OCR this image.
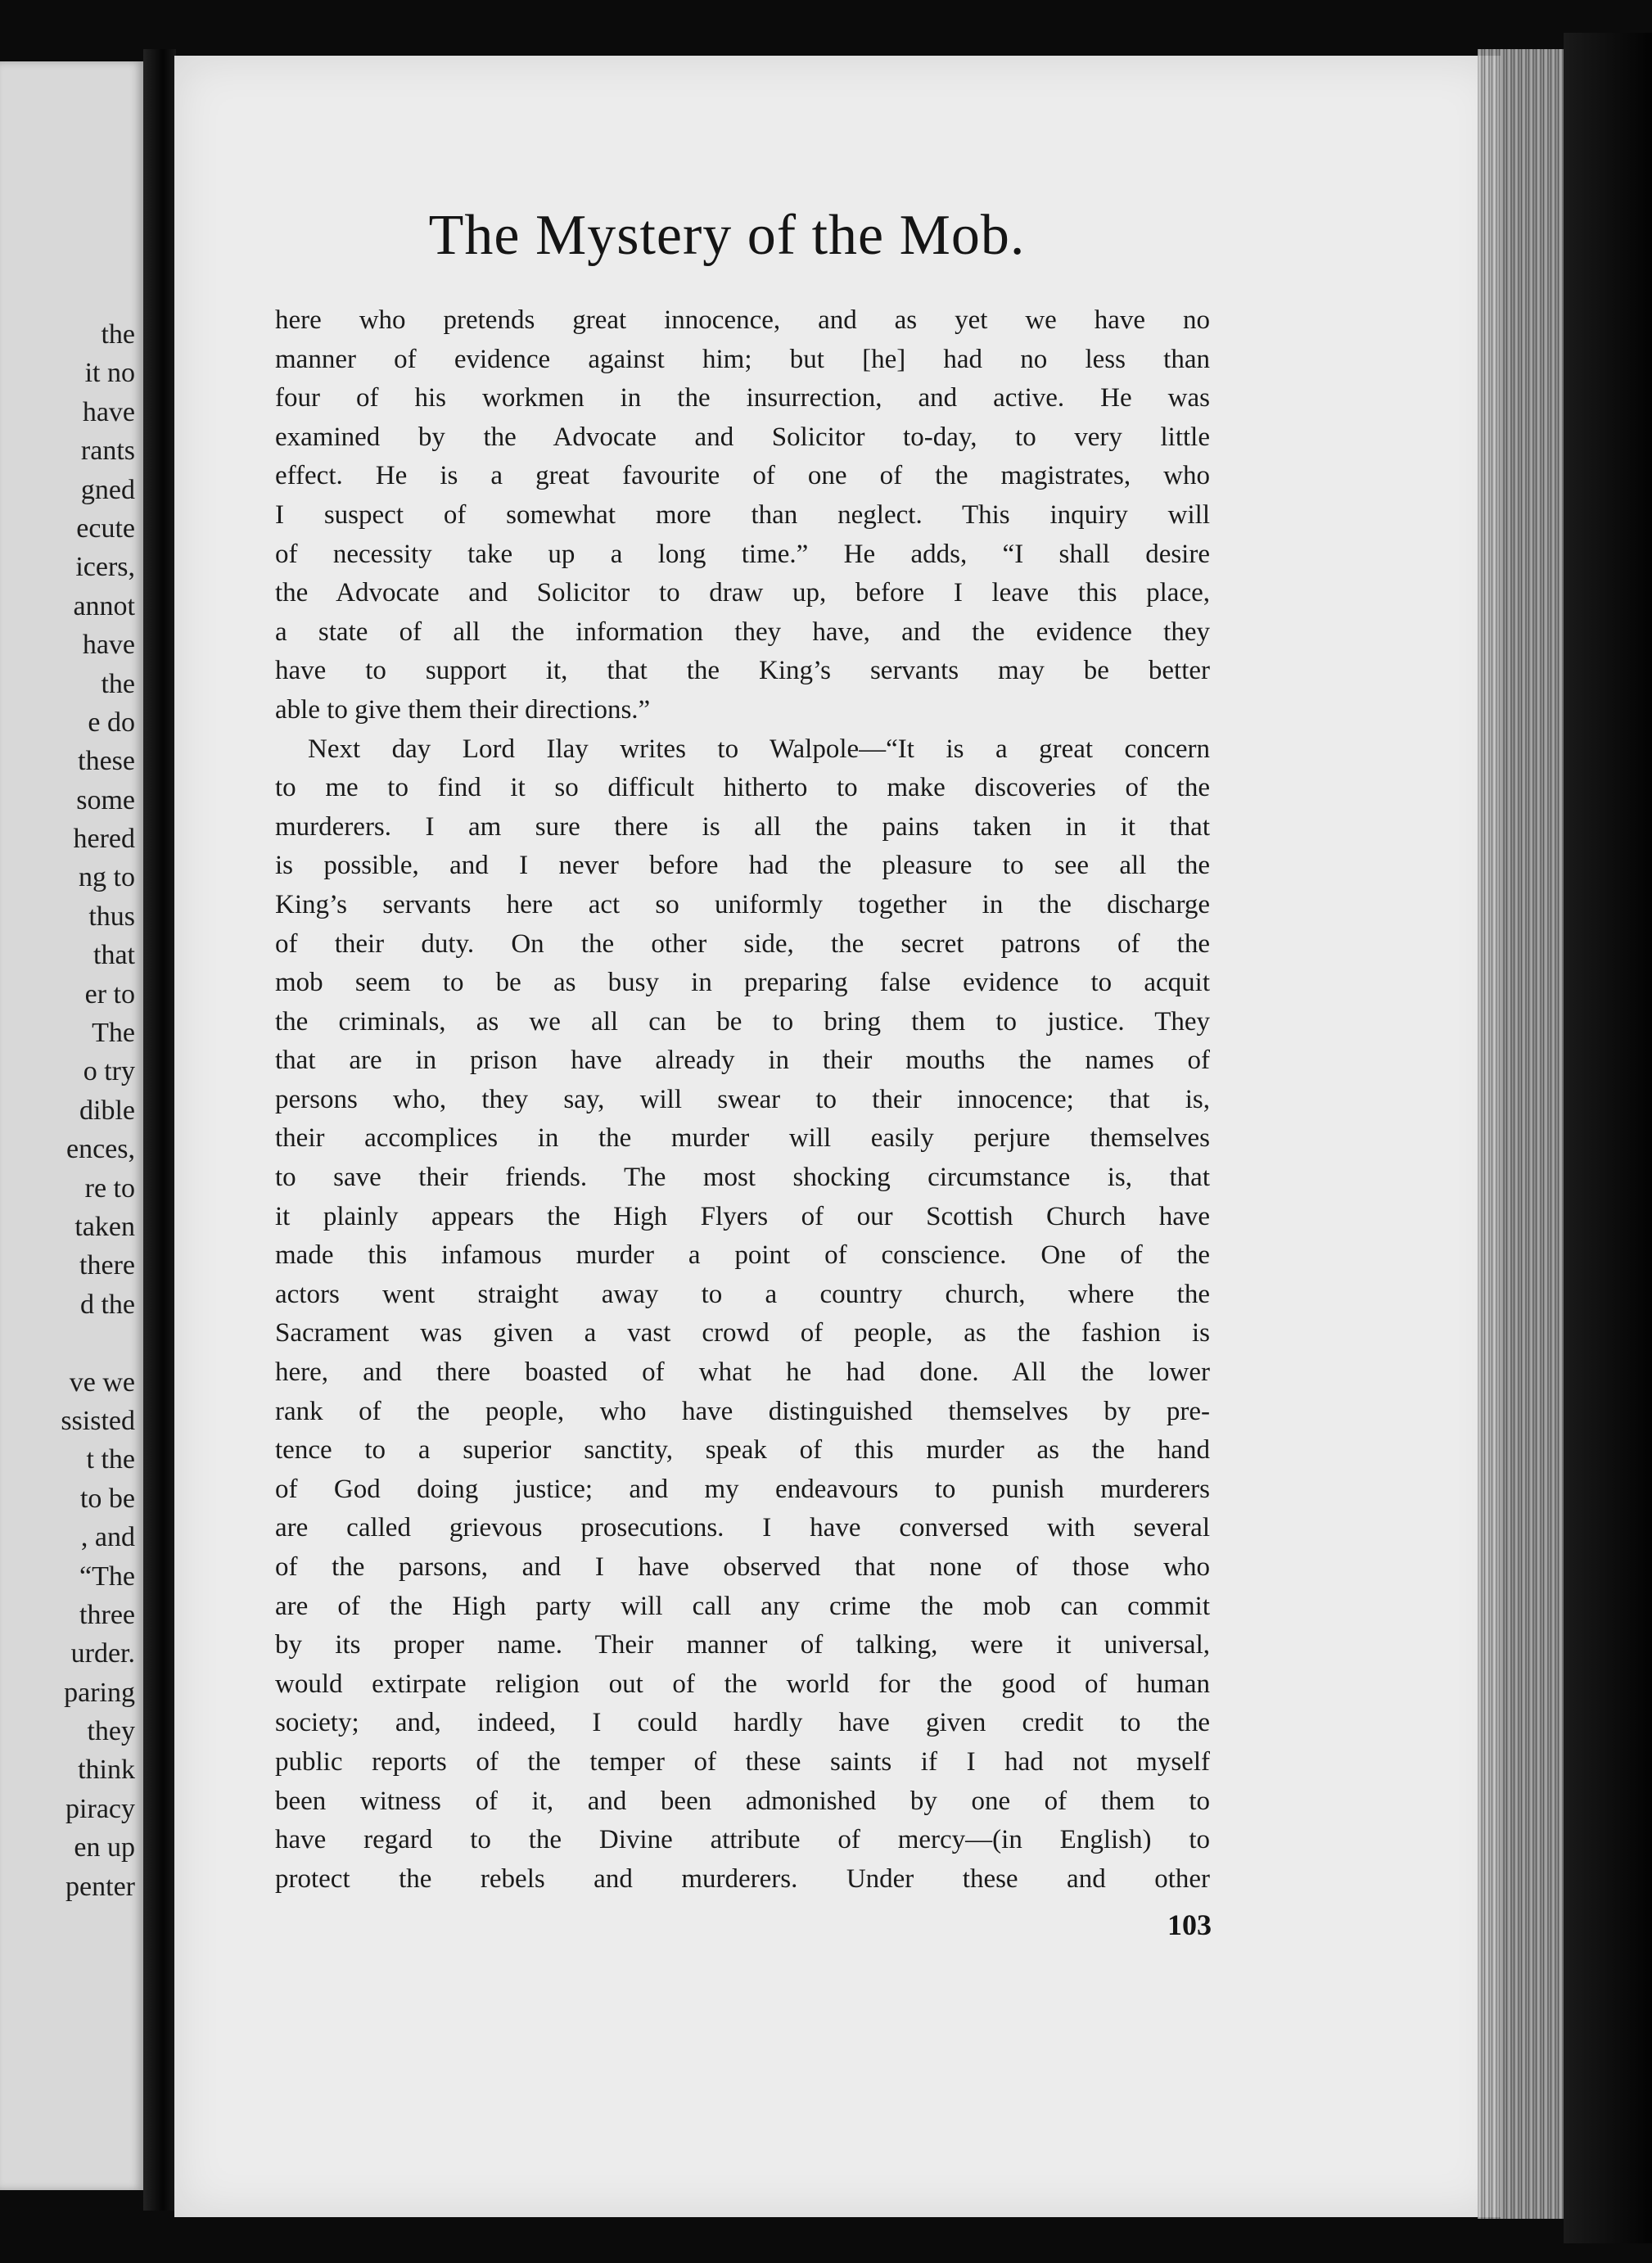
the
it no
have
rants
gned
ecute
icers,
annot
have
the
e do
these
some
hered
ng to
thus
that
er to
The
o try
dible
ences,
re to
taken
there
d the
ve we
ssisted
t the
to be
, and
“The
three
urder.
paring
they
think
piracy
en up
penter
The Mystery of the Mob.
here who pretends great innocence, and as yet we have no
manner of evidence against him; but [he] had no less than
four of his workmen in the insurrection, and active. He was
examined by the Advocate and Solicitor to-day, to very little
effect. He is a great favourite of one of the magistrates, who
I suspect of somewhat more than neglect. This inquiry will
of necessity take up a long time.” He adds, “I shall desire
the Advocate and Solicitor to draw up, before I leave this place,
a state of all the information they have, and the evidence they
have to support it, that the King’s servants may be better
able to give them their directions.”
Next day Lord Ilay writes to Walpole—“It is a great concern
to me to find it so difficult hitherto to make discoveries of the
murderers. I am sure there is all the pains taken in it that
is possible, and I never before had the pleasure to see all the
King’s servants here act so uniformly together in the discharge
of their duty. On the other side, the secret patrons of the
mob seem to be as busy in preparing false evidence to acquit
the criminals, as we all can be to bring them to justice. They
that are in prison have already in their mouths the names of
persons who, they say, will swear to their innocence; that is,
their accomplices in the murder will easily perjure themselves
to save their friends. The most shocking circumstance is, that
it plainly appears the High Flyers of our Scottish Church have
made this infamous murder a point of conscience. One of the
actors went straight away to a country church, where the
Sacrament was given a vast crowd of people, as the fashion is
here, and there boasted of what he had done. All the lower
rank of the people, who have distinguished themselves by pre-
tence to a superior sanctity, speak of this murder as the hand
of God doing justice; and my endeavours to punish murderers
are called grievous prosecutions. I have conversed with several
of the parsons, and I have observed that none of those who
are of the High party will call any crime the mob can commit
by its proper name. Their manner of talking, were it universal,
would extirpate religion out of the world for the good of human
society; and, indeed, I could hardly have given credit to the
public reports of the temper of these saints if I had not myself
been witness of it, and been admonished by one of them to
have regard to the Divine attribute of mercy—(in English) to
protect the rebels and murderers. Under these and other
103
